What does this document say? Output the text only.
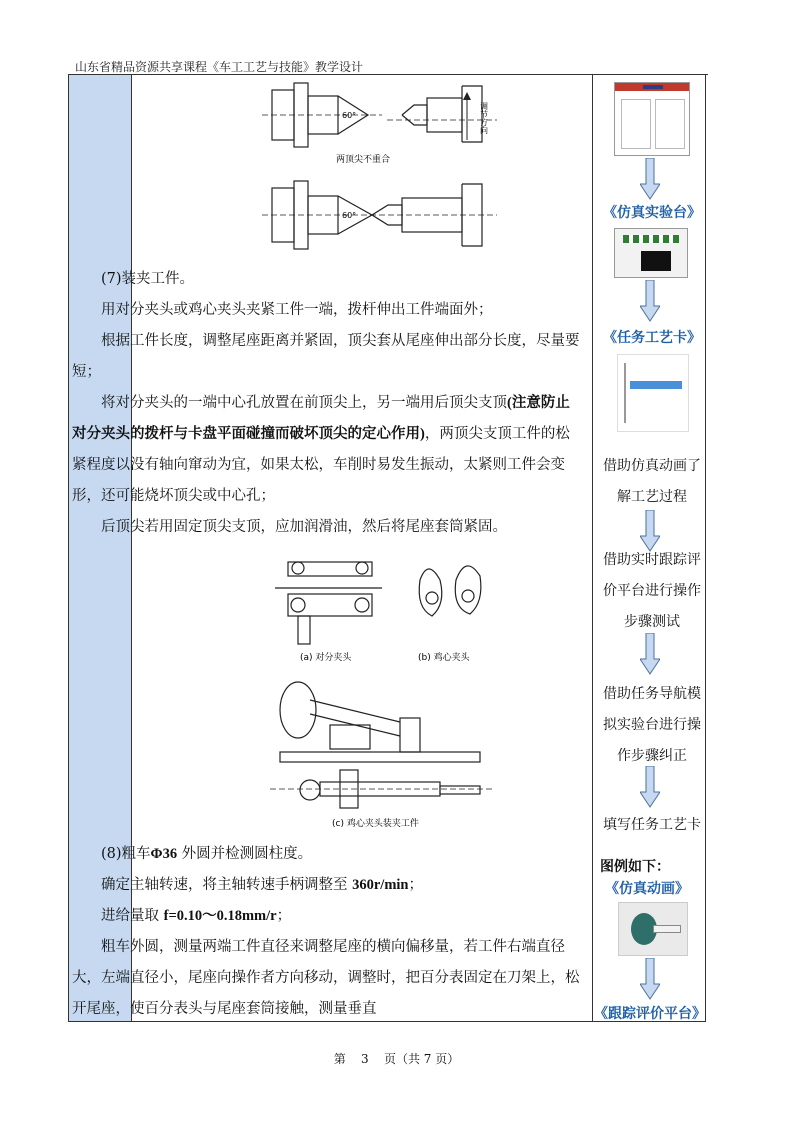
山东省精品资源共享课程《车工工艺与技能》教学设计
60°
两顶尖不重合
调节方向
60°
(7)装夹工件。
用对分夹头或鸡心夹头夹紧工件一端，拨杆伸出工件端面外；
根据工件长度，调整尾座距离并紧固，顶尖套从尾座伸出部分长度，尽量要短；
将对分夹头的一端中心孔放置在前顶尖上，另一端用后顶尖支顶(注意防止对分夹头的拨杆与卡盘平面碰撞而破坏顶尖的定心作用)，两顶尖支顶工件的松紧程度以没有轴向窜动为宜，如果太松，车削时易发生振动，太紧则工件会变形，还可能烧坏顶尖或中心孔；
后顶尖若用固定顶尖支顶，应加润滑油，然后将尾座套筒紧固。
(a) 对分夹头	(b) 鸡心夹头
(c) 鸡心夹头装夹工件
(8)粗车Φ36 外圆并检测圆柱度。
确定主轴转速，将主轴转速手柄调整至 360r/min；
进给量取 f=0.10～0.18mm/r；
粗车外圆，测量两端工件直径来调整尾座的横向偏移量，若工件右端直径大，左端直径小，尾座向操作者方向移动，调整时，把百分表固定在刀架上，松开尾座，使百分表头与尾座套筒接触，测量垂直
《仿真实验台》
《任务工艺卡》
借助仿真动画了解工艺过程
借助实时跟踪评价平台进行操作步骤测试
借助任务导航模拟实验台进行操作步骤纠正
填写任务工艺卡
图例如下：
《仿真动画》
《跟踪评价平台》
第 3 页（共 7 页）
